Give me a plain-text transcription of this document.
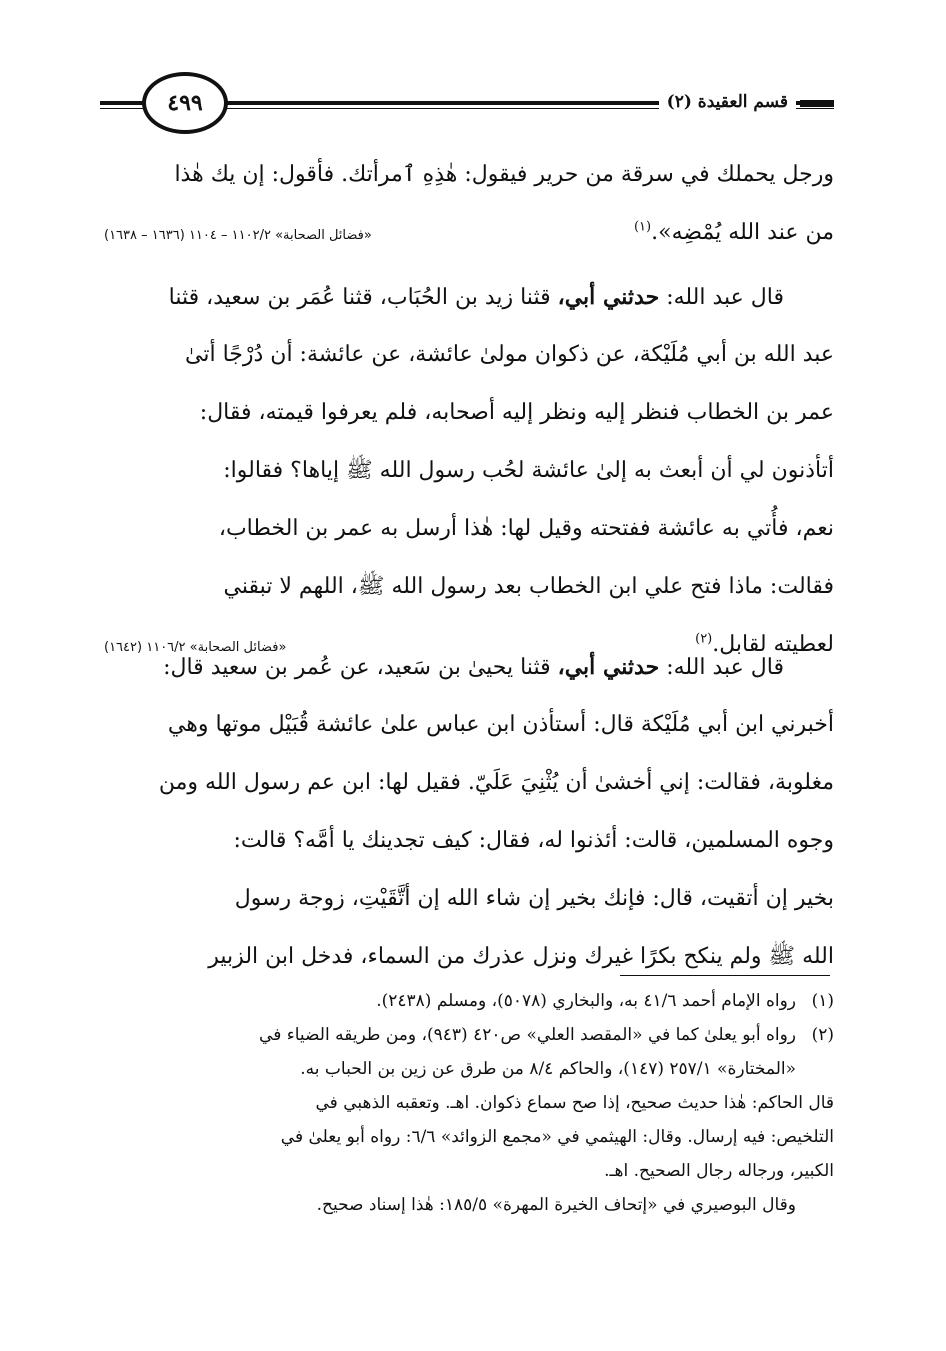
٤٩٩	قسم العقيدة (٢)
ورجل يحملك في سرقة من حرير فيقول: هٰذِهِ ٱمرأتك. فأقول: إن يك هٰذا
من عند الله يُمْضِه».$^{(١)}$
«فضائل الصحابة» ١١٠٢/٢ – ١١٠٤ (١٦٣٦ – ١٦٣٨)
قال عبد الله: حدثني أبي، قثنا زيد بن الحُبَاب، قثنا عُمَر بن سعيد، قثنا
عبد الله بن أبي مُلَيْكة، عن ذكوان مولىٰ عائشة، عن عائشة: أن دُرْجًا أتىٰ
عمر بن الخطاب فنظر إليه ونظر إليه أصحابه، فلم يعرفوا قيمته، فقال:
أتأذنون لي أن أبعث به إلىٰ عائشة لحُب رسول الله ﷺ إياها؟ فقالوا:
نعم، فأُتي به عائشة ففتحته وقيل لها: هٰذا أرسل به عمر بن الخطاب،
فقالت: ماذا فتح علي ابن الخطاب بعد رسول الله ﷺ، اللهم لا تبقني
لعطيته لقابل.$^{(٢)}$
«فضائل الصحابة» ١١٠٦/٢ (١٦٤٢)
قال عبد الله: حدثني أبي، قثنا يحيىٰ بن سَعيد، عن عُمر بن سعيد قال:
أخبرني ابن أبي مُلَيْكة قال: أستأذن ابن عباس علىٰ عائشة قُبَيْل موتها وهي
مغلوبة، فقالت: إني أخشىٰ أن يُثْنِيَ عَلَيّ. فقيل لها: ابن عم رسول الله ومن
وجوه المسلمين، قالت: أئذنوا له، فقال: كيف تجدينك يا أمَّه؟ قالت:
بخير إن أتقيت، قال: فإنك بخير إن شاء الله إن أتَّقَيْتِ، زوجة رسول
الله ﷺ ولم ينكح بكرًا غيرك ونزل عذرك من السماء، فدخل ابن الزبير
(١)
رواه الإمام أحمد ٤١/٦ به، والبخاري (٥٠٧٨)، ومسلم (٢٤٣٨).
(٢)
رواه أبو يعلىٰ كما في «المقصد العلي» ص٤٢٠ (٩٤٣)، ومن طريقه الضياء في
«المختارة» ٢٥٧/١ (١٤٧)، والحاكم ٨/٤ من طرق عن زين بن الحباب به.
قال الحاكم: هٰذا حديث صحيح، إذا صح سماع ذكوان. اهـ. وتعقبه الذهبي في
التلخيص: فيه إرسال. وقال: الهيثمي في «مجمع الزوائد» ٦/٦: رواه أبو يعلىٰ في
الكبير، ورجاله رجال الصحيح. اهـ.
وقال البوصيري في «إتحاف الخيرة المهرة» ١٨٥/٥: هٰذا إسناد صحيح.
